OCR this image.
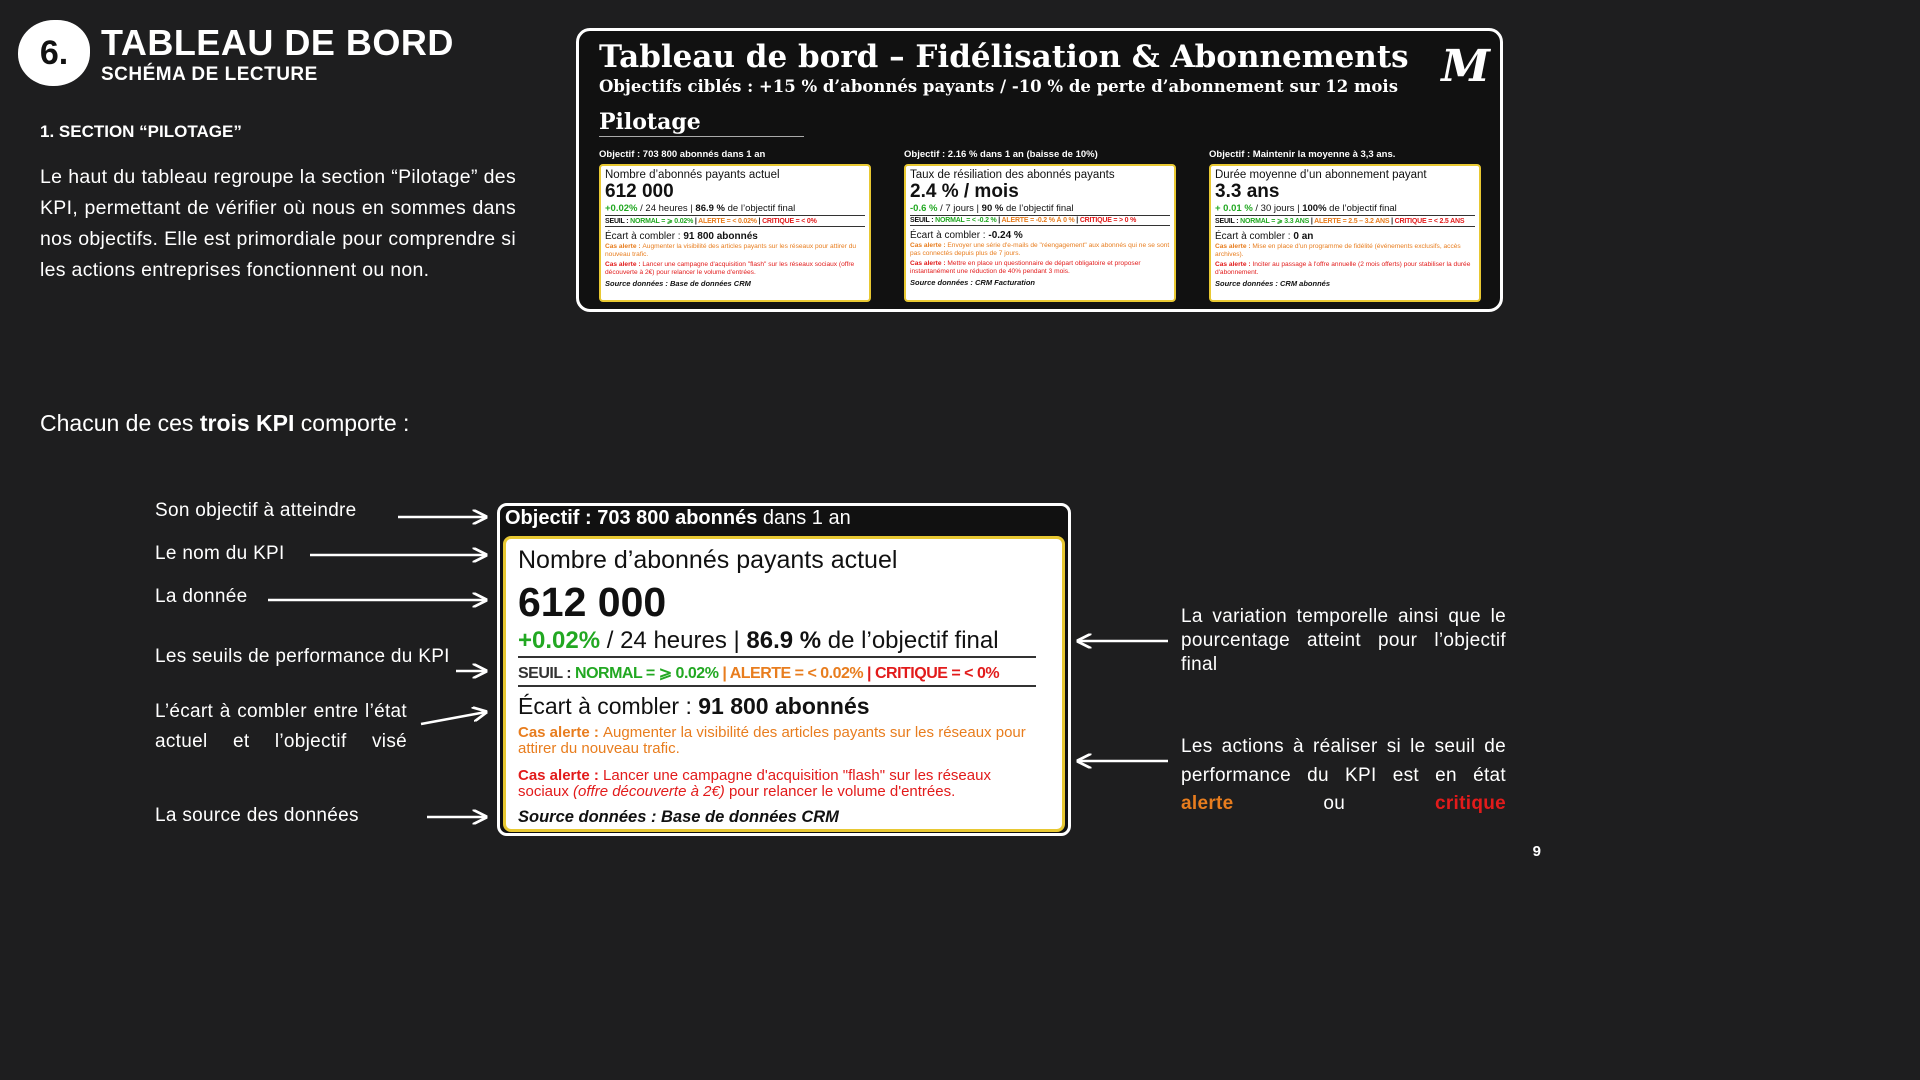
6. TABLEAU DE BORD
SCHÉMA DE LECTURE
1. SECTION “PILOTAGE”
Le haut du tableau regroupe la section “Pilotage” des KPI, permettant de vérifier où nous en sommes dans nos objectifs. Elle est primordiale pour comprendre si les actions entreprises fonctionnent ou non.
Chacun de ces trois KPI comporte :
Tableau de bord – Fidélisation & Abonnements
Objectifs ciblés : +15 % d’abonnés payants / -10 % de perte d’abonnement sur 12 mois M
Pilotage
Objectif : 703 800 abonnés dans 1 an
Nombre d’abonnés payants actuel
612 000
+0.02% / 24 heures | 86.9 % de l’objectif final
SEUIL : NORMAL = ⩾ 0.02% | ALERTE = < 0.02% | CRITIQUE = < 0%
Écart à combler : 91 800 abonnés
Cas alerte : Augmenter la visibilité des articles payants sur les réseaux pour attirer du nouveau trafic.
Cas alerte : Lancer une campagne d'acquisition "flash" sur les réseaux sociaux (offre découverte à 2€) pour relancer le volume d'entrées.
Source données : Base de données CRM
Objectif : 2.16 % dans 1 an (baisse de 10%)
Taux de résiliation des abonnés payants
2.4 % / mois
-0.6 % / 7 jours | 90 % de l’objectif final
SEUIL : NORMAL = < -0.2 % | ALERTE = -0.2 % À 0 % | CRITIQUE = > 0 %
Écart à combler : -0.24 %
Cas alerte : Envoyer une série d'e-mails de "réengagement" aux abonnés qui ne se sont pas connectés depuis plus de 7 jours.
Cas alerte : Mettre en place un questionnaire de départ obligatoire et proposer instantanément une réduction de 40% pendant 3 mois.
Source données : CRM Facturation
Objectif : Maintenir la moyenne à 3,3 ans.
Durée moyenne d’un abonnement payant
3.3 ans
+ 0.01 % / 30 jours | 100% de l’objectif final
SEUIL : NORMAL = ⩾ 3.3 ANS | ALERTE = 2.5 – 3.2 ANS | CRITIQUE = < 2.5 ANS
Écart à combler : 0 an
Cas alerte : Mise en place d'un programme de fidélité (événements exclusifs, accès archives).
Cas alerte : Inciter au passage à l'offre annuelle (2 mois offerts) pour stabiliser la durée d'abonnement.
Source données : CRM abonnés
Objectif : 703 800 abonnés dans 1 an
Nombre d’abonnés payants actuel
612 000
+0.02% / 24 heures | 86.9 % de l’objectif final
SEUIL : NORMAL = ⩾ 0.02% | ALERTE = < 0.02% | CRITIQUE = < 0%
Écart à combler : 91 800 abonnés
Cas alerte : Augmenter la visibilité des articles payants sur les réseaux pour attirer du nouveau trafic.
Cas alerte : Lancer une campagne d'acquisition "flash" sur les réseaux sociaux (offre découverte à 2€) pour relancer le volume d'entrées.
Source données : Base de données CRM
Son objectif à atteindre
Le nom du KPI
La donnée
Les seuils de performance du KPI
L’écart à combler entre l’état actuel et l’objectif visé
La source des données
La variation temporelle ainsi que le pourcentage atteint pour l’objectif final
Les actions à réaliser si le seuil de performance du KPI est en état alerte ou critique
9
